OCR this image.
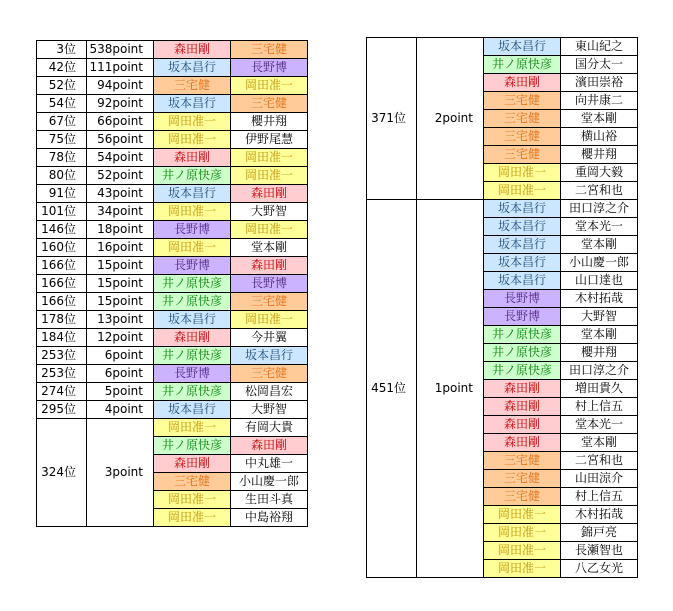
3位	538point	森田剛	三宅健
42位	111point	坂本昌行	長野博
52位	94point	三宅健	岡田准一
54位	92point	坂本昌行	三宅健
67位	66point	岡田准一	櫻井翔
75位	56point	岡田准一	伊野尾慧
78位	54point	森田剛	岡田准一
80位	52point	井ノ原快彦	岡田准一
91位	43point	坂本昌行	森田剛
101位	34point	岡田准一	大野智
146位	18point	長野博	岡田准一
160位	16point	岡田准一	堂本剛
166位	15point	長野博	森田剛
166位	15point	井ノ原快彦	長野博
166位	15point	井ノ原快彦	三宅健
178位	13point	坂本昌行	岡田准一
184位	12point	森田剛	今井翼
253位	6point	井ノ原快彦	坂本昌行
253位	6point	長野博	三宅健
274位	5point	井ノ原快彦	松岡昌宏
295位	4point	坂本昌行	大野智
324位	3point	岡田准一	有岡大貴
		井ノ原快彦	森田剛
		森田剛	中丸雄一
		三宅健	小山慶一郎
		岡田准一	生田斗真
		岡田准一	中島裕翔
371位	2point	坂本昌行	東山紀之
		井ノ原快彦	国分太一
		森田剛	濱田崇裕
		三宅健	向井康二
		三宅健	堂本剛
		三宅健	横山裕
		三宅健	櫻井翔
		岡田准一	重岡大毅
		岡田准一	二宮和也
451位	1point	坂本昌行	田口淳之介
		坂本昌行	堂本光一
		坂本昌行	堂本剛
		坂本昌行	小山慶一郎
		坂本昌行	山口達也
		長野博	木村拓哉
		長野博	大野智
		井ノ原快彦	堂本剛
		井ノ原快彦	櫻井翔
		井ノ原快彦	田口淳之介
		森田剛	増田貴久
		森田剛	村上信五
		森田剛	堂本光一
		森田剛	堂本剛
		三宅健	二宮和也
		三宅健	山田涼介
		三宅健	村上信五
		岡田准一	木村拓哉
		岡田准一	錦戸亮
		岡田准一	長瀬智也
		岡田准一	八乙女光
